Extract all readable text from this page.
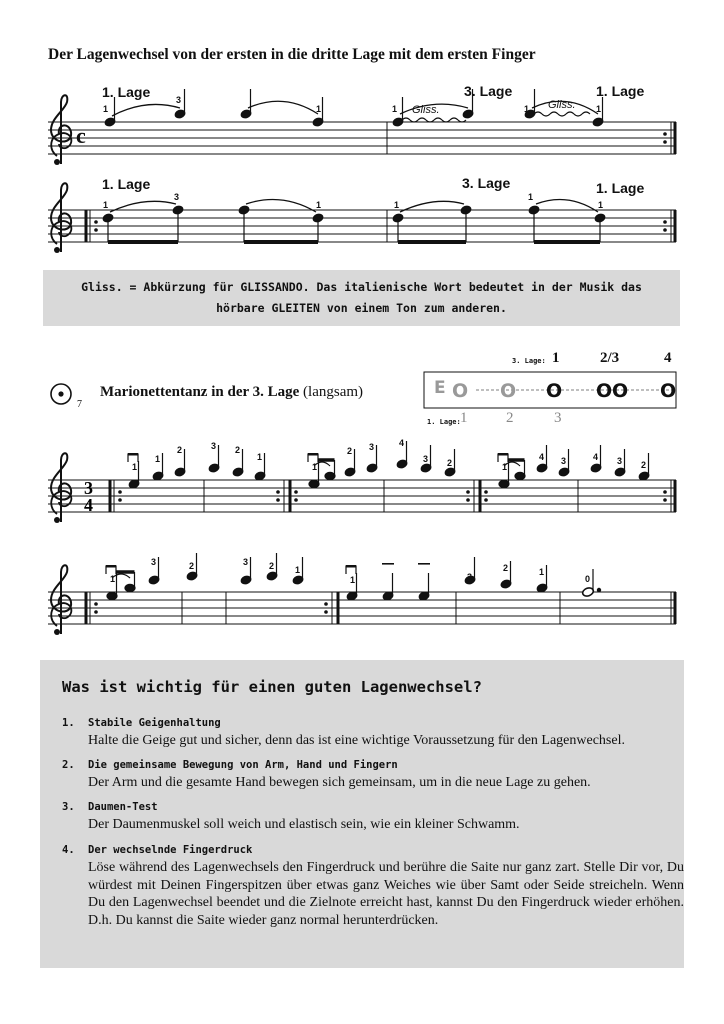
Der Lagenwechsel von der ersten in die dritte Lage mit dem ersten Finger
3
4
O O O O O O
1. Lage	3. Lage	1. Lage
1
3
1	1	1	1
Gliss.	Gliss.
c
1. Lage	3. Lage	1. Lage
1
3
1	1
1
1

Gliss. = Abkürzung für GLISSANDO. Das italienische Wort bedeutet in der Musik das
hörbare GLEITEN von einem Ton zum anderen.

7
Marionettentanz in der 3. Lage (langsam)
3. Lage: 1	2/3	4
E
1. Lage: 1	2	3
1
1
2	3 2
1
1
2 3	4
3 2	1
4 3	4 3 2
1
3	2	3 2 1
1	3
2	1
0
Was ist wichtig für einen guten Lagenwechsel?
1. Stabile Geigenhaltung
Halte die Geige gut und sicher, denn das ist eine wichtige Voraussetzung für den Lagenwechsel.
2. Die gemeinsame Bewegung von Arm, Hand und Fingern
Der Arm und die gesamte Hand bewegen sich gemeinsam, um in die neue Lage zu gehen.
3. Daumen-Test
Der Daumenmuskel soll weich und elastisch sein, wie ein kleiner Schwamm.
4. Der wechselnde Fingerdruck
Löse während des Lagenwechsels den Fingerdruck und berühre die Saite nur ganz zart. Stelle Dir vor, Du würdest mit Deinen Fingerspitzen über etwas ganz Weiches wie über Samt oder Seide streicheln. Wenn Du den Lagenwechsel beendet und die Zielnote erreicht hast, kannst Du den Fingerdruck wieder erhöhen. D.h. Du kannst die Saite wieder ganz normal herunterdrücken.
